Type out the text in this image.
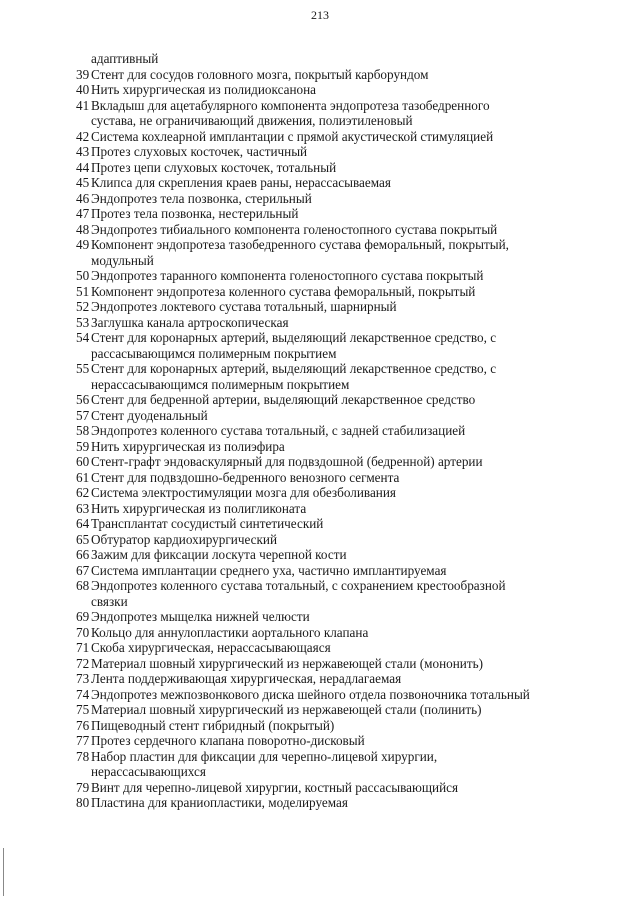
213
адаптивный
39 Стент для сосудов головного мозга, покрытый карборундом
40 Нить хирургическая из полидиоксанона
41 Вкладыш для ацетабулярного компонента эндопротеза тазобедренного сустава, не ограничивающий движения, полиэтиленовый
42 Система кохлеарной имплантации с прямой акустической стимуляцией
43 Протез слуховых косточек, частичный
44 Протез цепи слуховых косточек, тотальный
45 Клипса для скрепления краев раны, нерассасываемая
46 Эндопротез тела позвонка, стерильный
47 Протез тела позвонка, нестерильный
48 Эндопротез тибиального компонента голеностопного сустава покрытый
49 Компонент эндопротеза тазобедренного сустава феморальный, покрытый, модульный
50 Эндопротез таранного компонента голеностопного сустава покрытый
51 Компонент эндопротеза коленного сустава феморальный, покрытый
52 Эндопротез локтевого сустава тотальный, шарнирный
53 Заглушка канала артроскопическая
54 Стент для коронарных артерий, выделяющий лекарственное средство, с рассасывающимся полимерным покрытием
55 Стент для коронарных артерий, выделяющий лекарственное средство, с нерассасывающимся полимерным покрытием
56 Стент для бедренной артерии, выделяющий лекарственное средство
57 Стент дуоденальный
58 Эндопротез коленного сустава тотальный, с задней стабилизацией
59 Нить хирургическая из полиэфира
60 Стент-графт эндоваскулярный для подвздошной (бедренной) артерии
61 Стент для подвздошно-бедренного венозного сегмента
62 Система электростимуляции мозга для обезболивания
63 Нить хирургическая из полигликоната
64 Трансплантат сосудистый синтетический
65 Обтуратор кардиохирургический
66 Зажим для фиксации лоскута черепной кости
67 Система имплантации среднего уха, частично имплантируемая
68 Эндопротез коленного сустава тотальный, с сохранением крестообразной связки
69 Эндопротез мыщелка нижней челюсти
70 Кольцо для аннулопластики аортального клапана
71 Скоба хирургическая, нерассасывающаяся
72 Материал шовный хирургический из нержавеющей стали (мононить)
73 Лента поддерживающая хирургическая, нерадлагаемая
74 Эндопротез межпозвонкового диска шейного отдела позвоночника тотальный
75 Материал шовный хирургический из нержавеющей стали (полинить)
76 Пищеводный стент гибридный (покрытый)
77 Протез сердечного клапана поворотно-дисковый
78 Набор пластин для фиксации для черепно-лицевой хирургии, нерассасывающихся
79 Винт для черепно-лицевой хирургии, костный рассасывающийся
80 Пластина для краниопластики, моделируемая
